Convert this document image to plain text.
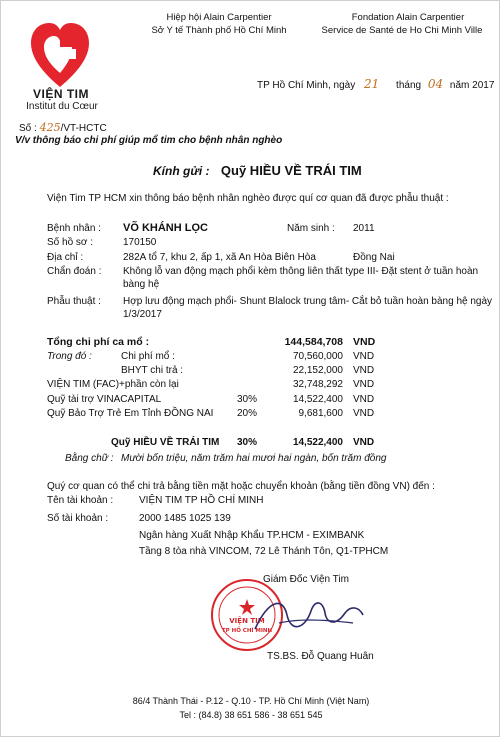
VIỆN TIM
Institut du Cœur
Hiệp hội Alain Carpentier
Sở Y tế Thành phố Hồ Chí Minh
Fondation Alain Carpentier
Service de Santé de Ho Chi Minh Ville
Số : 425/VT-HCTC
V/v thông báo chi phí giúp mổ tim cho bệnh nhân nghèo
TP Hồ Chí Minh, ngày 21 tháng 04 năm 2017
Kính gửi : Quỹ HIỀU VỀ TRÁI TIM
Viện Tim TP HCM xin thông báo bệnh nhân nghèo được quí cơ quan đã được phẫu thuật :
Bệnh nhân : VÕ KHÁNH LỌC	Năm sinh : 2011
Số hồ sơ :	170150
Địa chỉ :	282A tổ 7, khu 2, ấp 1, xã An Hòa Biên Hòa	Đồng Nai
Chẩn đoán : Không lỗ van động mạch phổi kèm thông liên thất type III- Đặt stent ở tuần hoàn
bàng hệ
Phẫu thuật : Hợp lưu động mạch phổi- Shunt Blalock trung tâm- Cắt bỏ tuần hoàn bàng hệ ngày
1/3/2017
Tổng chi phí ca mổ :	144,584,708 VND
Trong đó :	Chi phí mổ :	70,560,000 VND
BHYT chi trả :	22,152,000 VND
VIỆN TIM (FAC)+phần còn lại	32,748,292 VND
Quỹ tài trợ VINACAPITAL	30%	14,522,400 VND
Quỹ Bảo Trợ Trẻ Em Tỉnh ĐỒNG NAI 20%	9,681,600 VND
Quỹ HIỀU VỀ TRÁI TIM 30%	14,522,400 VND
Bằng chữ : Mười bốn triệu, năm trăm hai mươi hai ngàn, bốn trăm đồng
Quý cơ quan có thể chi trả bằng tiền mặt hoặc chuyển khoản (bằng tiền đồng VN) đến :
Tên tài khoản :	VIỆN TIM TP HỒ CHÍ MINH
Số tài khoản :	2000 1485 1025 139
Ngân hàng Xuất Nhập Khẩu TP.HCM - EXIMBANK
Tầng 8 tòa nhà VINCOM, 72 Lê Thánh Tôn, Q1-TPHCM
Giám Đốc Viện Tim
VIỆN TIM
TP HỒ CHÍ MINH
TS.BS. Đỗ Quang Huân
86/4 Thành Thái - P.12 - Q.10 - TP. Hồ Chí Minh (Việt Nam)
Tel : (84.8) 38 651 586 - 38 651 545
